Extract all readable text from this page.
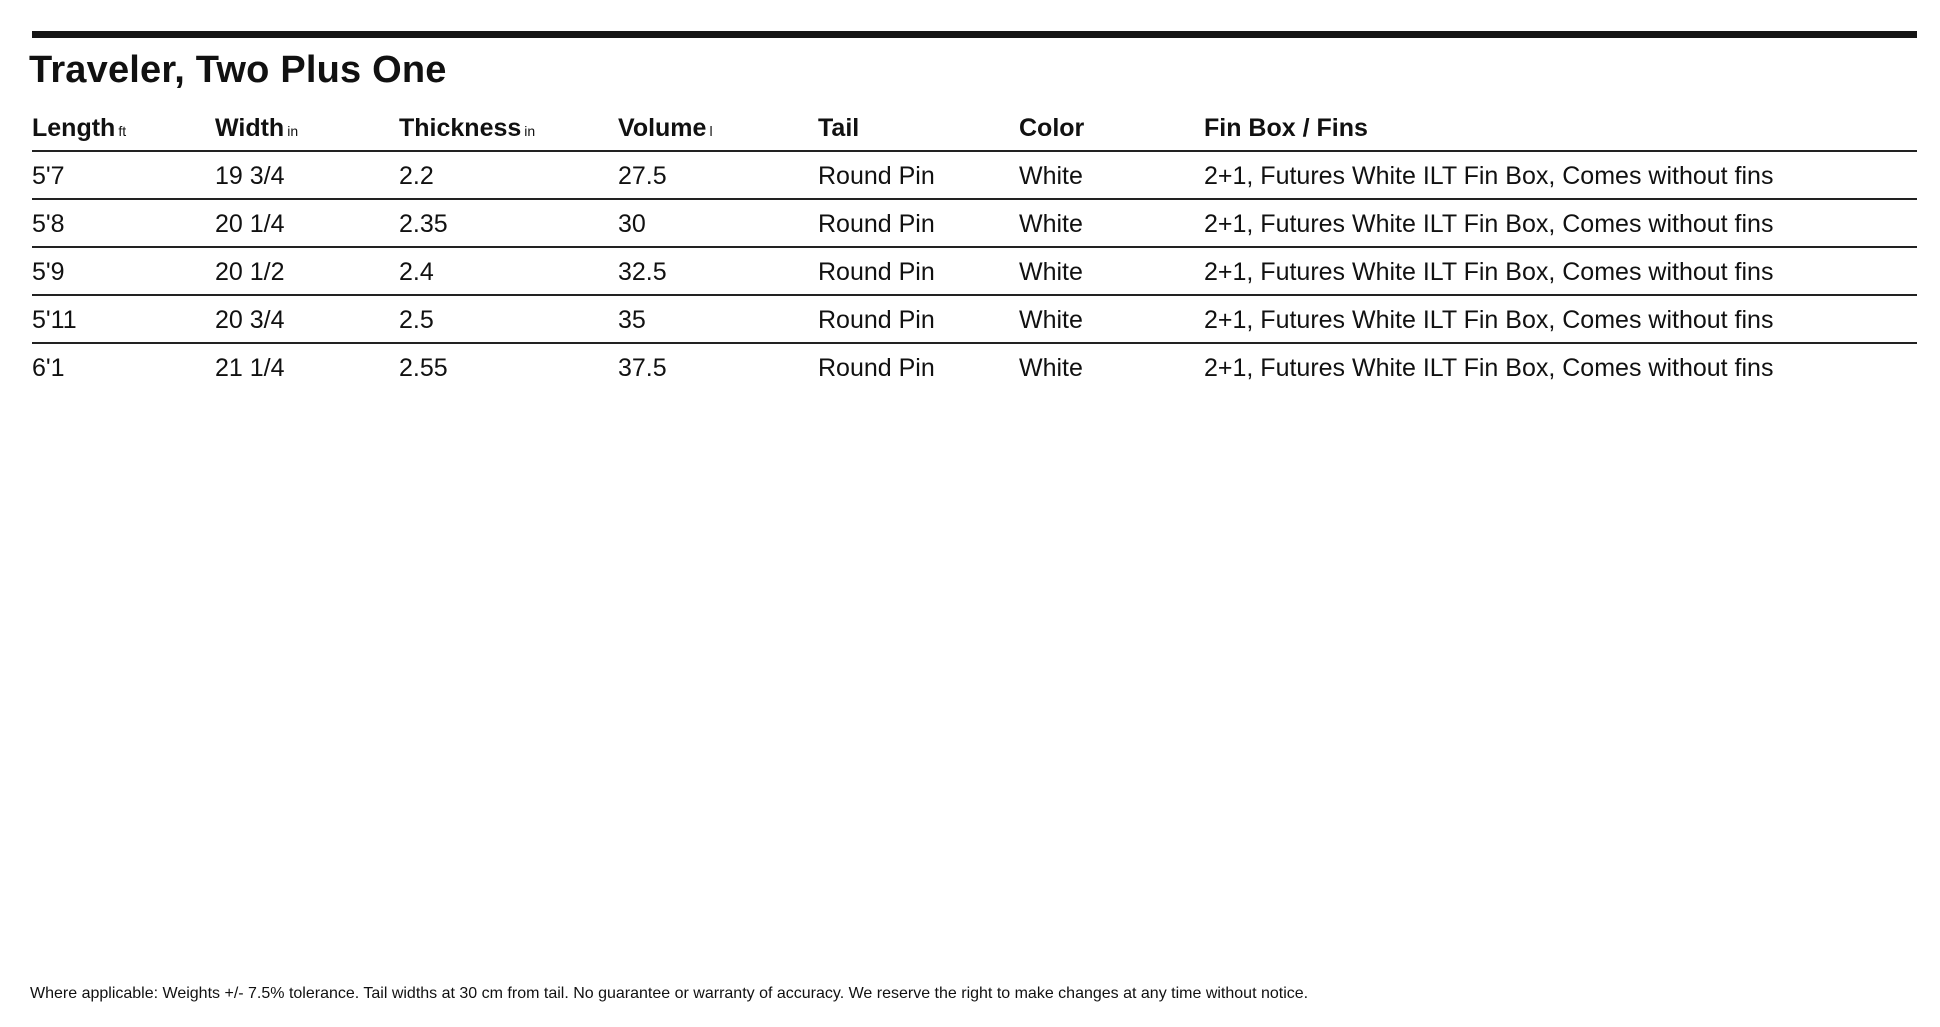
Traveler, Two Plus One
Length ft	Width in	Thickness in	Volume l	Tail	Color	Fin Box / Fins
5'7	19 3/4	2.2	27.5	Round Pin	White	2+1, Futures White ILT Fin Box, Comes without fins
5'8	20 1/4	2.35	30	Round Pin	White	2+1, Futures White ILT Fin Box, Comes without fins
5'9	20 1/2	2.4	32.5	Round Pin	White	2+1, Futures White ILT Fin Box, Comes without fins
5'11	20 3/4	2.5	35	Round Pin	White	2+1, Futures White ILT Fin Box, Comes without fins
6'1	21 1/4	2.55	37.5	Round Pin	White	2+1, Futures White ILT Fin Box, Comes without fins
Where applicable: Weights +/- 7.5% tolerance. Tail widths at 30 cm from tail. No guarantee or warranty of accuracy. We reserve the right to make changes at any time without notice.
